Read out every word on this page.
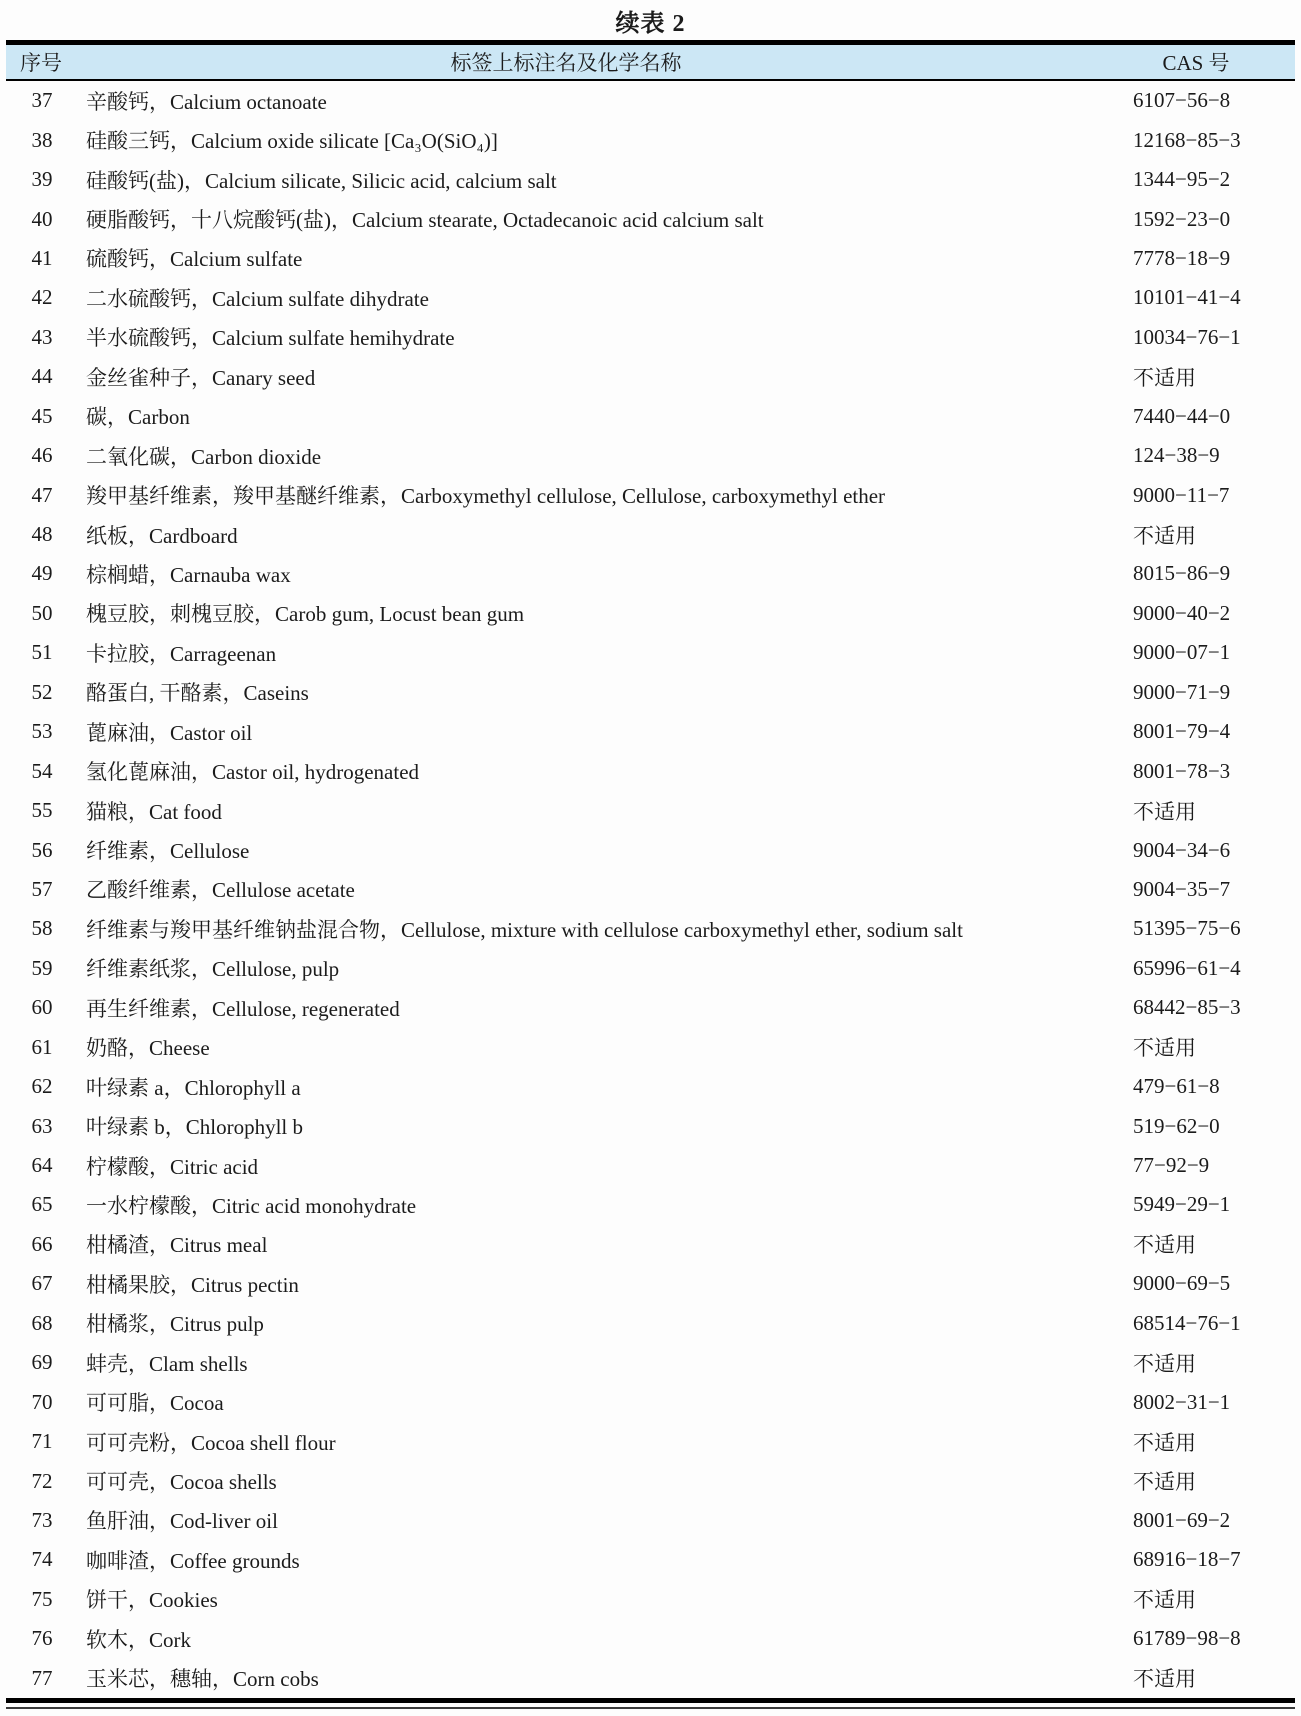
续表 2
序号	标签上标注名及化学名称	CAS 号
37	辛酸钙，Calcium octanoate	6107−56−8
38	硅酸三钙，Calcium oxide silicate [Ca₃O(SiO₄)]	12168−85−3
39	硅酸钙(盐)，Calcium silicate, Silicic acid, calcium salt	1344−95−2
40	硬脂酸钙，十八烷酸钙(盐)，Calcium stearate, Octadecanoic acid calcium salt	1592−23−0
41	硫酸钙，Calcium sulfate	7778−18−9
42	二水硫酸钙，Calcium sulfate dihydrate	10101−41−4
43	半水硫酸钙，Calcium sulfate hemihydrate	10034−76−1
44	金丝雀种子，Canary seed	不适用
45	碳，Carbon	7440−44−0
46	二氧化碳，Carbon dioxide	124−38−9
47	羧甲基纤维素，羧甲基醚纤维素，Carboxymethyl cellulose, Cellulose, carboxymethyl ether	9000−11−7
48	纸板，Cardboard	不适用
49	棕榈蜡，Carnauba wax	8015−86−9
50	槐豆胶，刺槐豆胶，Carob gum, Locust bean gum	9000−40−2
51	卡拉胶，Carrageenan	9000−07−1
52	酪蛋白, 干酪素，Caseins	9000−71−9
53	蓖麻油，Castor oil	8001−79−4
54	氢化蓖麻油，Castor oil, hydrogenated	8001−78−3
55	猫粮，Cat food	不适用
56	纤维素，Cellulose	9004−34−6
57	乙酸纤维素，Cellulose acetate	9004−35−7
58	纤维素与羧甲基纤维钠盐混合物，Cellulose, mixture with cellulose carboxymethyl ether, sodium salt	51395−75−6
59	纤维素纸浆，Cellulose, pulp	65996−61−4
60	再生纤维素，Cellulose, regenerated	68442−85−3
61	奶酪，Cheese	不适用
62	叶绿素 a，Chlorophyll a	479−61−8
63	叶绿素 b，Chlorophyll b	519−62−0
64	柠檬酸，Citric acid	77−92−9
65	一水柠檬酸，Citric acid monohydrate	5949−29−1
66	柑橘渣，Citrus meal	不适用
67	柑橘果胶，Citrus pectin	9000−69−5
68	柑橘浆，Citrus pulp	68514−76−1
69	蚌壳，Clam shells	不适用
70	可可脂，Cocoa	8002−31−1
71	可可壳粉，Cocoa shell flour	不适用
72	可可壳，Cocoa shells	不适用
73	鱼肝油，Cod-liver oil	8001−69−2
74	咖啡渣，Coffee grounds	68916−18−7
75	饼干，Cookies	不适用
76	软木，Cork	61789−98−8
77	玉米芯，穗轴，Corn cobs	不适用
